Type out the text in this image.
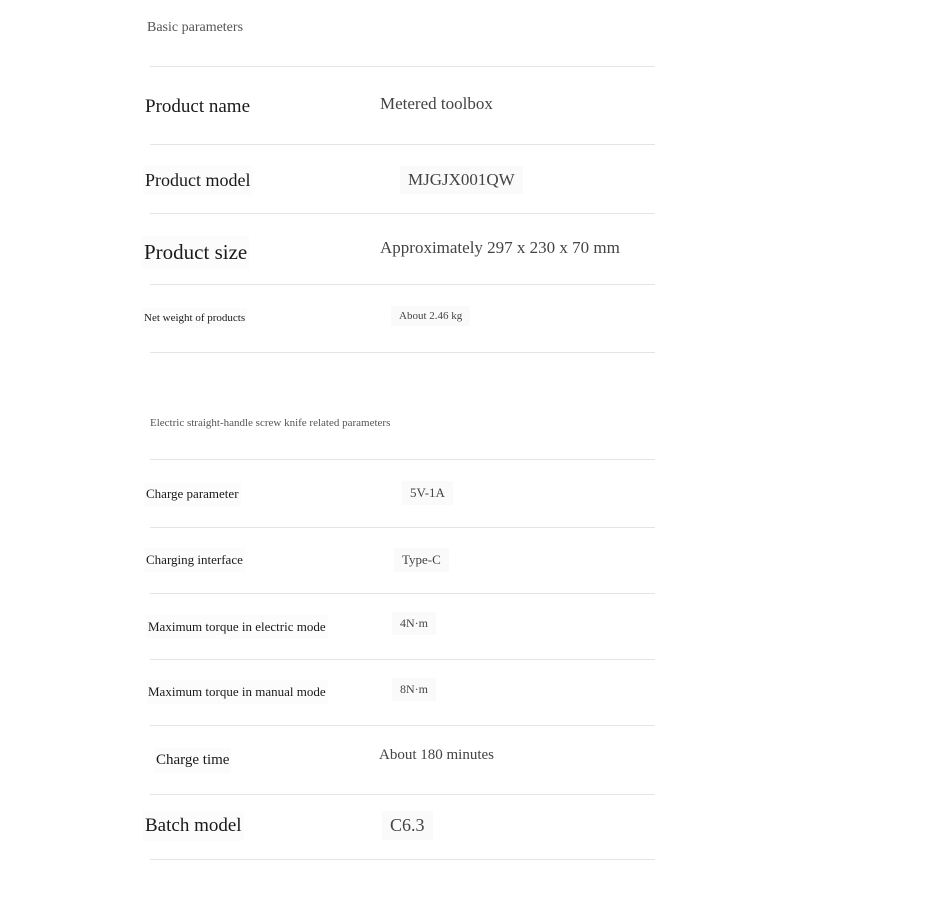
Basic parameters
Product name	Metered toolbox
Product model	MJGJX001QW
Product size	Approximately 297 x 230 x 70 mm
Net weight of products	About 2.46 kg
Electric straight-handle screw knife related parameters
Charge parameter	5V-1A
Charging interface	Type-C
Maximum torque in electric mode	4N·m
Maximum torque in manual mode	8N·m
Charge time	About 180 minutes
Batch model	C6.3
